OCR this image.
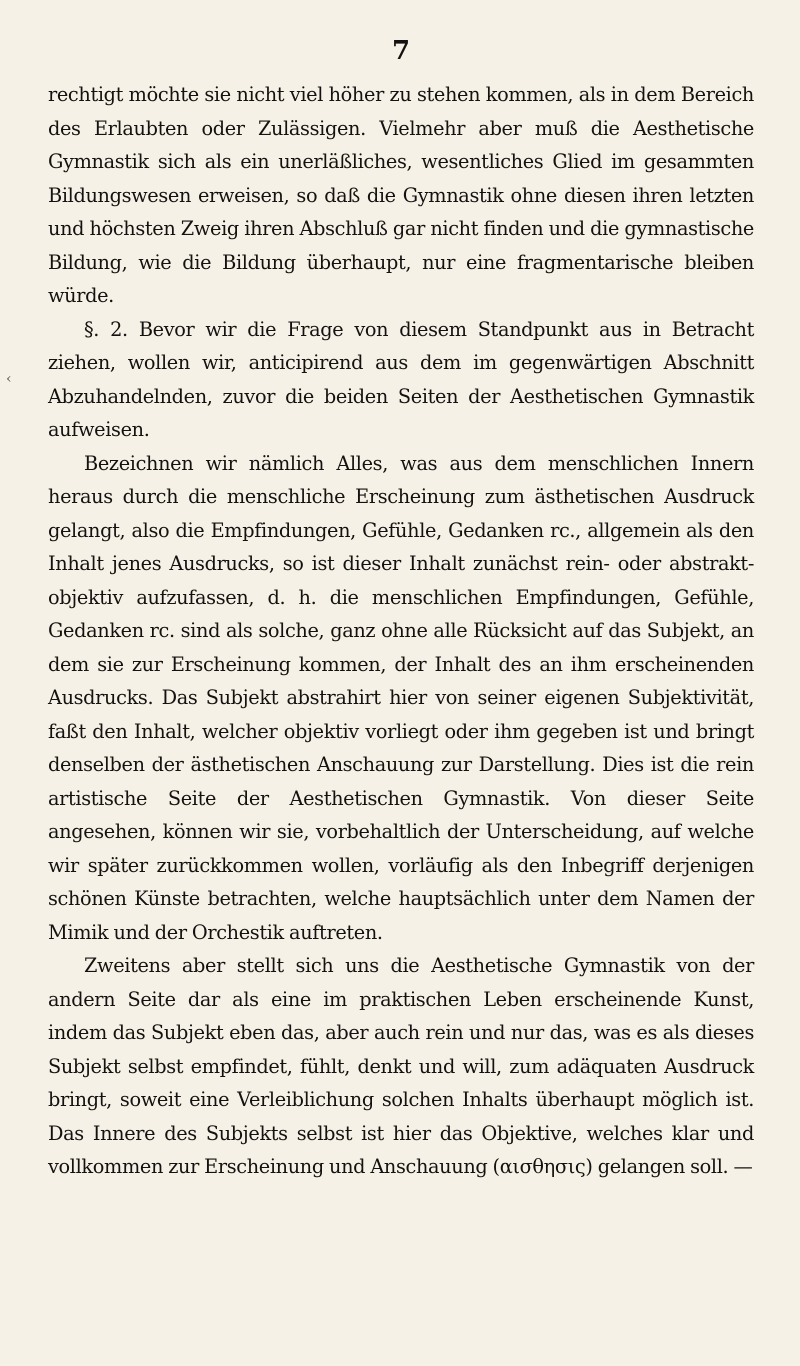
7
‹

rechtigt möchte sie nicht viel höher zu stehen kommen, als in dem Bereich des Erlaubten oder Zulässigen. Vielmehr aber muß die Aesthetische Gymnastik sich als ein unerläßliches, wesentliches Glied im gesammten Bildungswesen erweisen, so daß die Gymnastik ohne diesen ihren letzten und höchsten Zweig ihren Abschluß gar nicht finden und die gymnastische Bildung, wie die Bildung überhaupt, nur eine fragmentarische bleiben würde.

§. 2. Bevor wir die Frage von diesem Standpunkt aus in Betracht ziehen, wollen wir, anticipirend aus dem im gegenwärtigen Abschnitt Abzuhandelnden, zuvor die beiden Seiten der Aesthetischen Gymnastik aufweisen.

Bezeichnen wir nämlich Alles, was aus dem menschlichen Innern heraus durch die menschliche Erscheinung zum ästhetischen Ausdruck gelangt, also die Empfindungen, Gefühle, Gedanken rc., allgemein als den Inhalt jenes Ausdrucks, so ist dieser Inhalt zunächst rein- oder abstrakt-objektiv aufzufassen, d. h. die menschlichen Empfindungen, Gefühle, Gedanken rc. sind als solche, ganz ohne alle Rücksicht auf das Subjekt, an dem sie zur Erscheinung kommen, der Inhalt des an ihm erscheinenden Ausdrucks. Das Subjekt abstrahirt hier von seiner eigenen Subjektivität, faßt den Inhalt, welcher objektiv vorliegt oder ihm gegeben ist und bringt denselben der ästhetischen Anschauung zur Darstellung. Dies ist die rein artistische Seite der Aesthetischen Gymnastik. Von dieser Seite angesehen, können wir sie, vorbehaltlich der Unterscheidung, auf welche wir später zurückkommen wollen, vorläufig als den Inbegriff derjenigen schönen Künste betrachten, welche hauptsächlich unter dem Namen der Mimik und der Orchestik auftreten.

Zweitens aber stellt sich uns die Aesthetische Gymnastik von der andern Seite dar als eine im praktischen Leben erscheinende Kunst, indem das Subjekt eben das, aber auch rein und nur das, was es als dieses Subjekt selbst empfindet, fühlt, denkt und will, zum adäquaten Ausdruck bringt, soweit eine Verleiblichung solchen Inhalts überhaupt möglich ist. Das Innere des Subjekts selbst ist hier das Objektive, welches klar und vollkommen zur Erscheinung und Anschauung (αισθησις) gelangen soll. —
